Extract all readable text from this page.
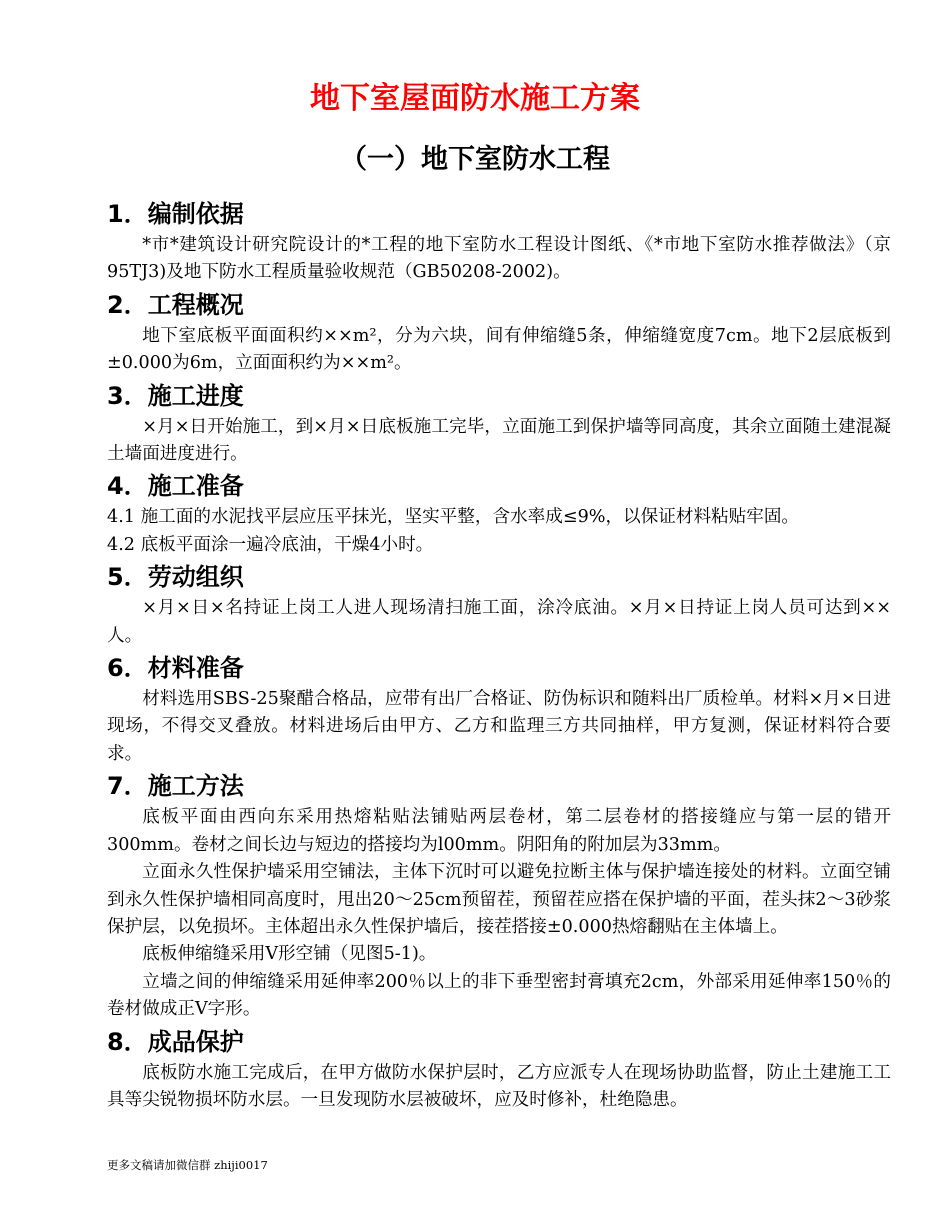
地下室屋面防水施工方案
（一）地下室防水工程
1．编制依据

*市*建筑设计研究院设计的*工程的地下室防水工程设计图纸、《*市地下室防水推荐做法》（京95TJ3)及地下防水工程质量验收规范（GB50208-2002)。

2．工程概况

地下室底板平面面积约××m²，分为六块，间有伸缩缝5条，伸缩缝宽度7cm。地下2层底板到±0.000为6m，立面面积约为××m²。

3．施工进度

×月×日开始施工，到×月×日底板施工完毕，立面施工到保护墙等同高度，其余立面随土建混凝土墙面进度进行。

4．施工准备

4.1 施工面的水泥找平层应压平抹光，坚实平整，含水率成≤9%，以保证材料粘贴牢固。

4.2 底板平面涂一遍冷底油，干燥4小时。

5．劳动组织

×月×日×名持证上岗工人进人现场清扫施工面，涂冷底油。×月×日持证上岗人员可达到××人。

6．材料准备

材料选用SBS-25聚醋合格品，应带有出厂合格证、防伪标识和随料出厂质检单。材料×月×日进现场，不得交叉叠放。材料进场后由甲方、乙方和监理三方共同抽样，甲方复测，保证材料符合要求。

7．施工方法

底板平面由西向东采用热熔粘贴法铺贴两层卷材，第二层卷材的搭接缝应与第一层的错开300mm。卷材之间长边与短边的搭接均为l00mm。阴阳角的附加层为33mm。

立面永久性保护墙采用空铺法，主体下沉时可以避免拉断主体与保护墙连接处的材料。立面空铺到永久性保护墙相同高度时，甩出20～25cm预留茬，预留茬应搭在保护墙的平面，茬头抹2～3砂浆保护层，以免损坏。主体超出永久性保护墙后，接茬搭接±0.000热熔翻贴在主体墙上。

底板伸缩缝采用V形空铺（见图5-1)。

立墙之间的伸缩缝采用延伸率200％以上的非下垂型密封膏填充2cm，外部采用延伸率150％的卷材做成正V字形。

8．成品保护

底板防水施工完成后，在甲方做防水保护层时，乙方应派专人在现场协助监督，防止土建施工工具等尖锐物损坏防水层。一旦发现防水层被破坏，应及时修补，杜绝隐患。

更多文稿请加微信群 zhiji0017
